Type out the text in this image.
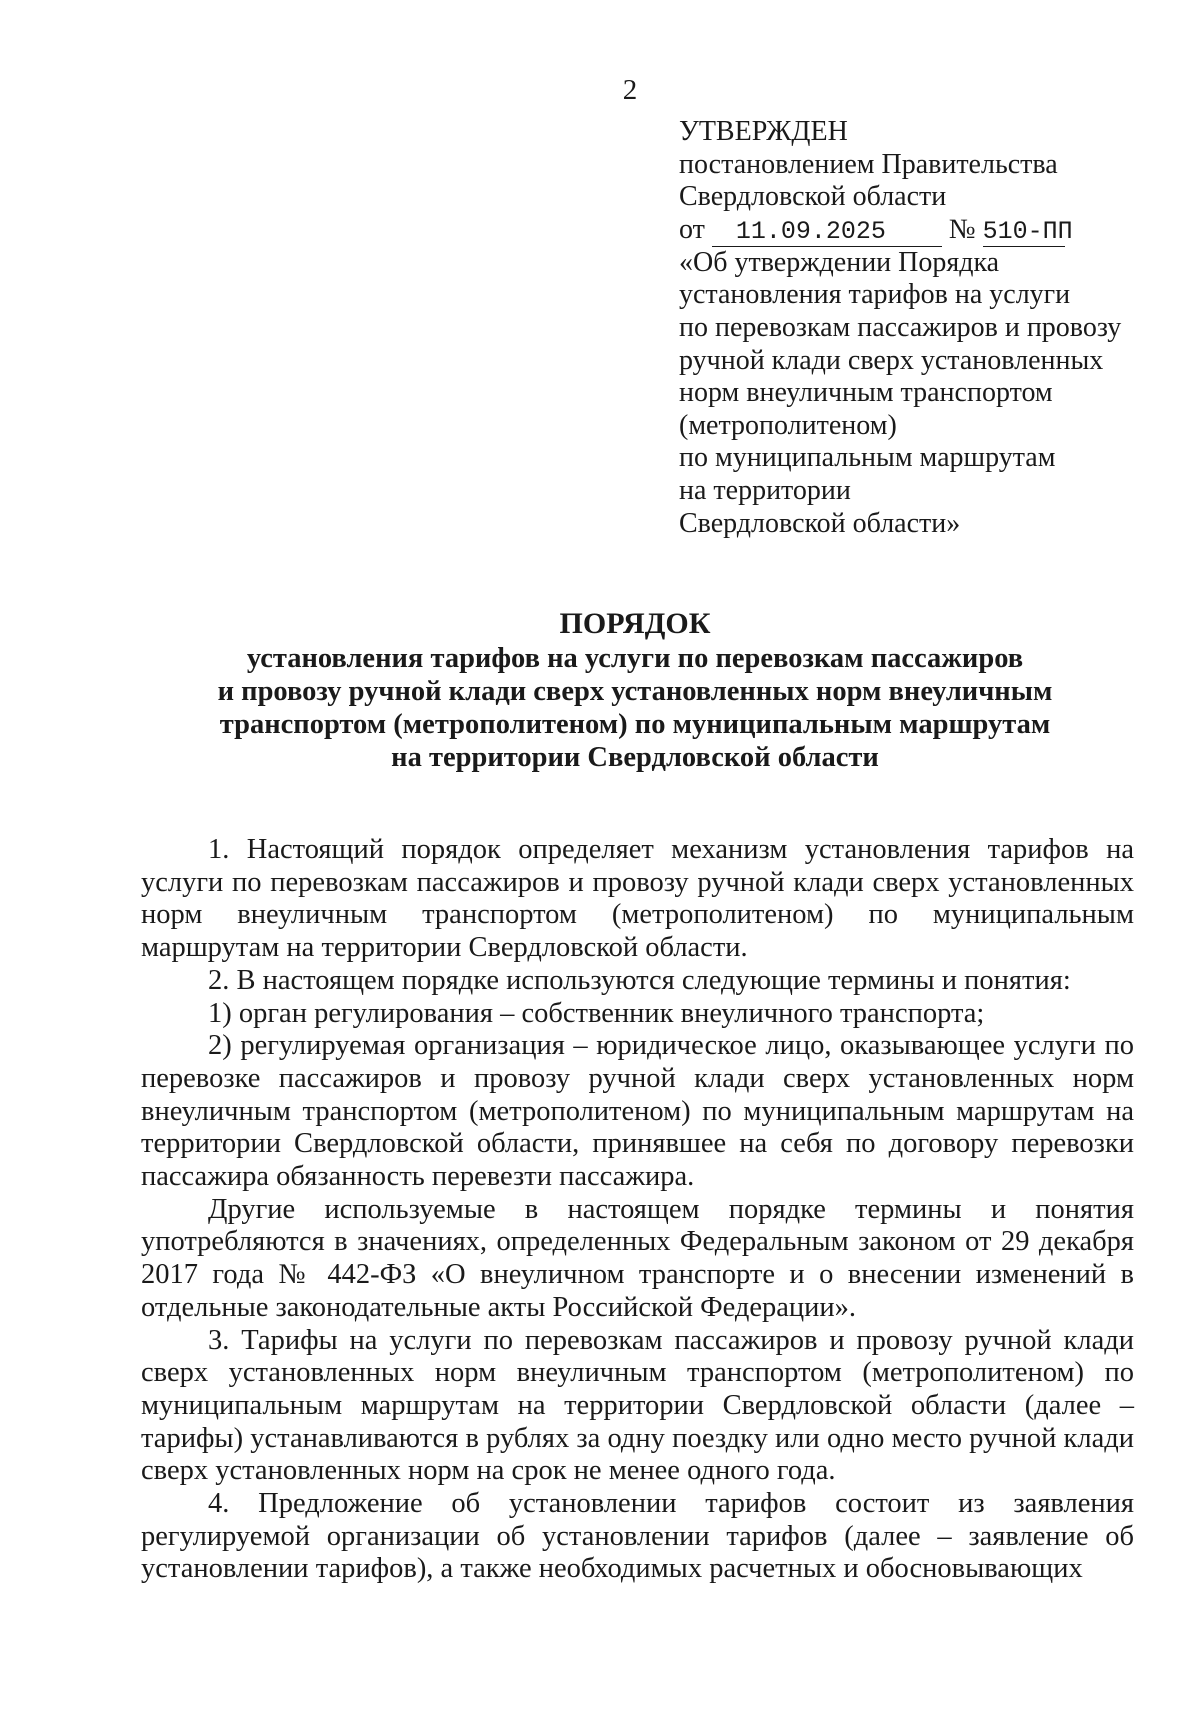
2
УТВЕРЖДЕН
постановлением Правительства
Свердловской области
от 11.09.2025 № 510-ПП
«Об утверждении Порядка
установления тарифов на услуги
по перевозкам пассажиров и провозу
ручной клади сверх установленных
норм внеуличным транспортом
(метрополитеном)
по муниципальным маршрутам
на территории
Свердловской области»
ПОРЯДОК
установления тарифов на услуги по перевозкам пассажиров
и провозу ручной клади сверх установленных норм внеуличным
транспортом (метрополитеном) по муниципальным маршрутам
на территории Свердловской области

1. Настоящий порядок определяет механизм установления тарифов на услуги по перевозкам пассажиров и провозу ручной клади сверх установленных норм внеуличным транспортом (метрополитеном) по муниципальным маршрутам на территории Свердловской области.

2. В настоящем порядке используются следующие термины и понятия:

1) орган регулирования – собственник внеуличного транспорта;

2) регулируемая организация – юридическое лицо, оказывающее услуги по перевозке пассажиров и провозу ручной клади сверх установленных норм внеуличным транспортом (метрополитеном) по муниципальным маршрутам на территории Свердловской области, принявшее на себя по договору перевозки пассажира обязанность перевезти пассажира.

Другие используемые в настоящем порядке термины и понятия употребляются в значениях, определенных Федеральным законом от 29 декабря 2017 года № 442-ФЗ «О внеуличном транспорте и о внесении изменений в отдельные законодательные акты Российской Федерации».

3. Тарифы на услуги по перевозкам пассажиров и провозу ручной клади сверх установленных норм внеуличным транспортом (метрополитеном) по муниципальным маршрутам на территории Свердловской области (далее – тарифы) устанавливаются в рублях за одну поездку или одно место ручной клади сверх установленных норм на срок не менее одного года.

4. Предложение об установлении тарифов состоит из заявления регулируемой организации об установлении тарифов (далее – заявление об установлении тарифов), а также необходимых расчетных и обосновывающих
